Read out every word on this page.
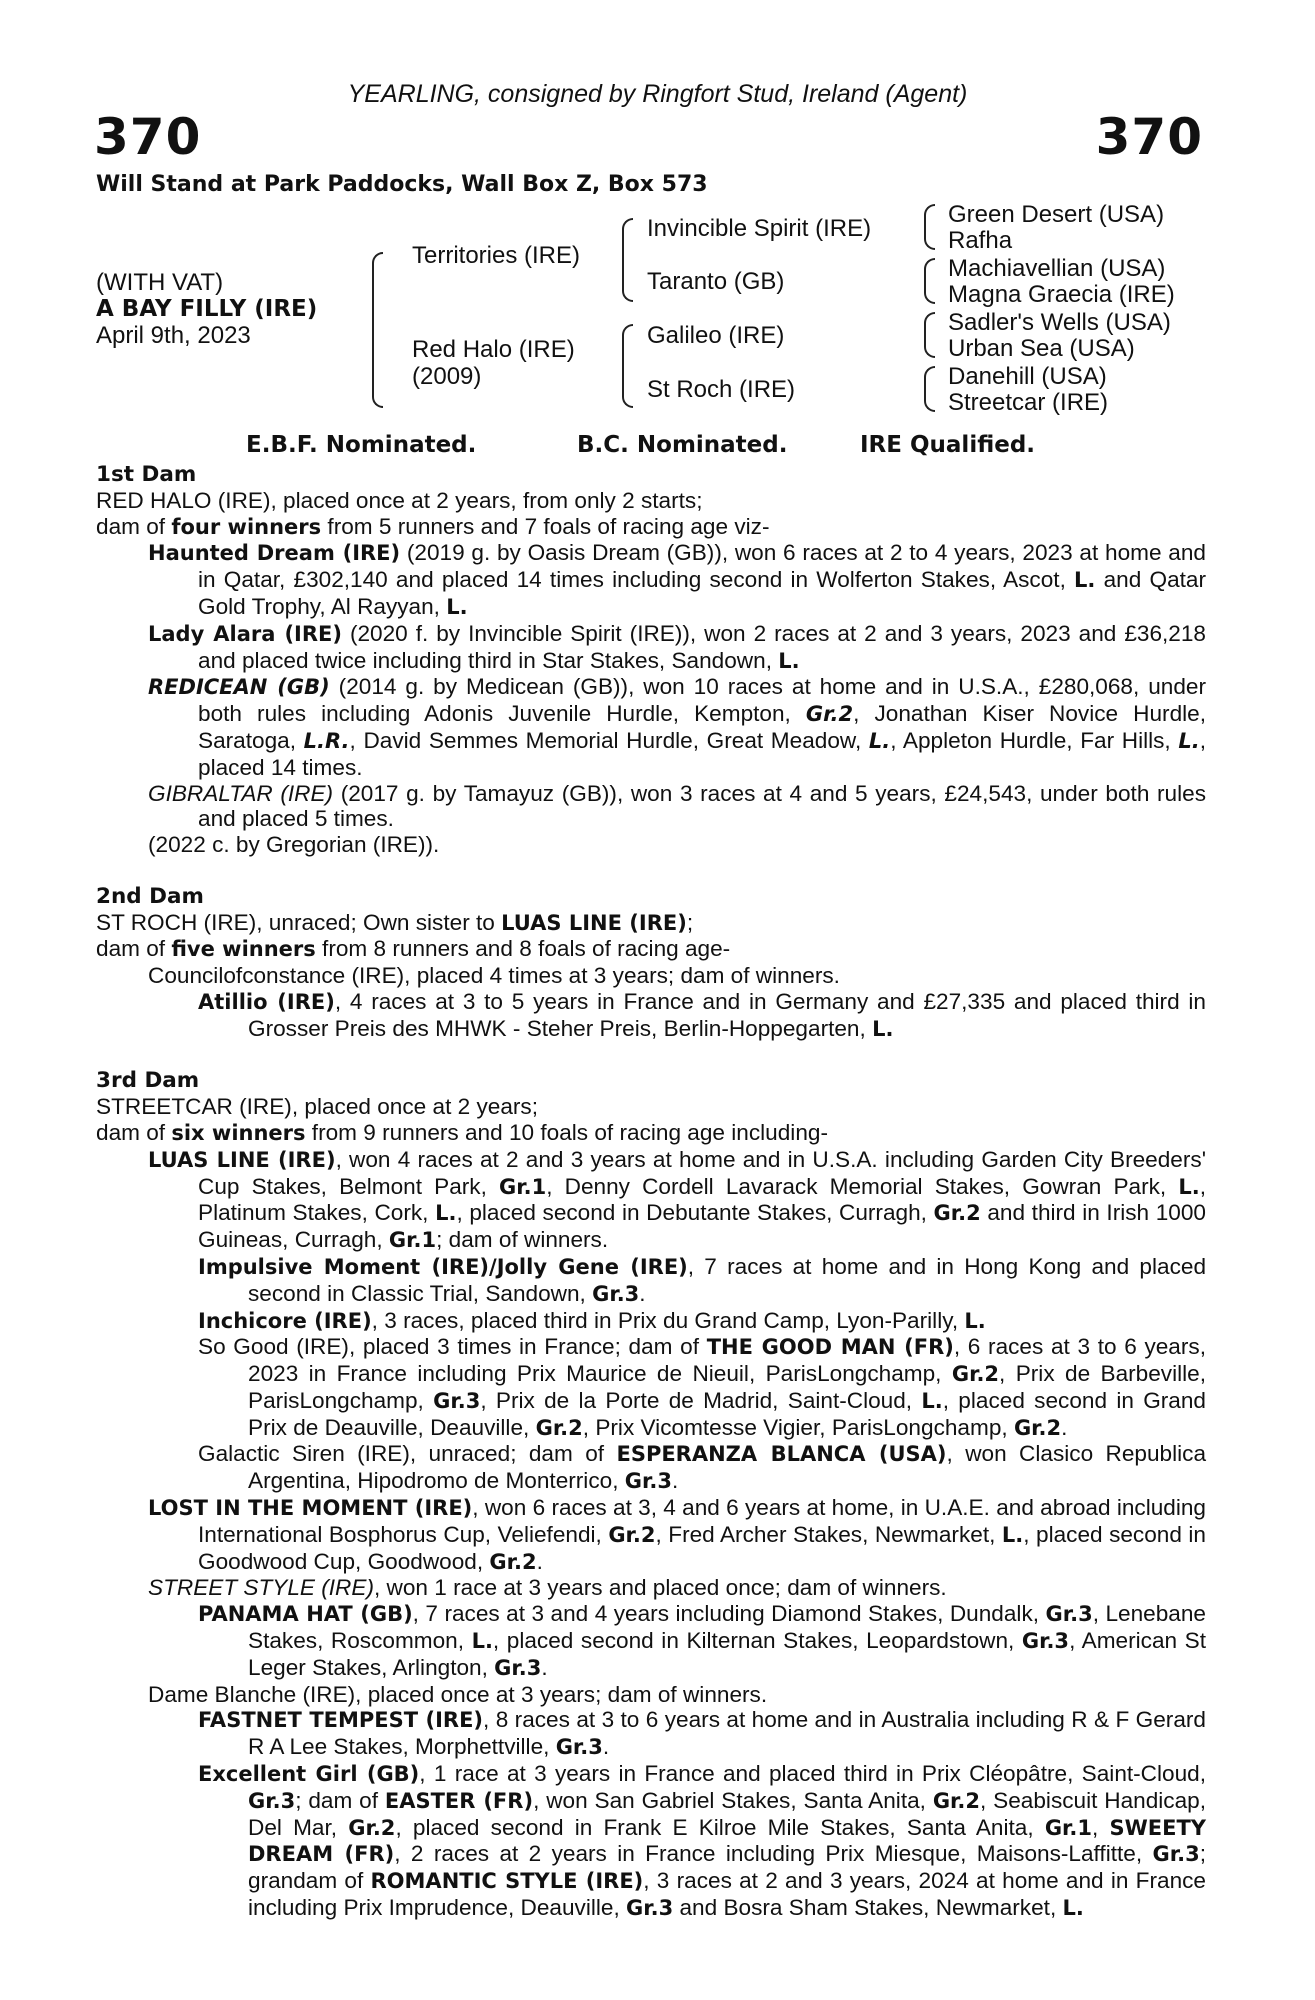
YEARLING, consigned by Ringfort Stud, Ireland (Agent)
370	370
Will Stand at Park Paddocks, Wall Box Z, Box 573
(WITH VAT)
A BAY FILLY (IRE)
April 9th, 2023
Territories (IRE)
Red Halo (IRE)
(2009)
Invincible Spirit (IRE)
Taranto (GB)
Galileo (IRE)
St Roch (IRE)
Green Desert (USA)
Rafha
Machiavellian (USA)
Magna Graecia (IRE)
Sadler's Wells (USA)
Urban Sea (USA)
Danehill (USA)
Streetcar (IRE)
E.B.F. Nominated.	B.C. Nominated.	IRE Qualified.

1st Dam

RED HALO (IRE), placed once at 2 years, from only 2 starts;

dam of four winners from 5 runners and 7 foals of racing age viz-

Haunted Dream (IRE) (2019 g. by Oasis Dream (GB)), won 6 races at 2 to 4 years, 2023 at home and in Qatar, £302,140 and placed 14 times including second in Wolferton Stakes, Ascot, L. and Qatar Gold Trophy, Al Rayyan, L.

Lady Alara (IRE) (2020 f. by Invincible Spirit (IRE)), won 2 races at 2 and 3 years, 2023 and £36,218 and placed twice including third in Star Stakes, Sandown, L.

REDICEAN (GB) (2014 g. by Medicean (GB)), won 10 races at home and in U.S.A., £280,068, under both rules including Adonis Juvenile Hurdle, Kempton, Gr.2, Jonathan Kiser Novice Hurdle, Saratoga, L.R., David Semmes Memorial Hurdle, Great Meadow, L., Appleton Hurdle, Far Hills, L., placed 14 times.

GIBRALTAR (IRE) (2017 g. by Tamayuz (GB)), won 3 races at 4 and 5 years, £24,543, under both rules and placed 5 times.

(2022 c. by Gregorian (IRE)).

2nd Dam

ST ROCH (IRE), unraced; Own sister to LUAS LINE (IRE);

dam of five winners from 8 runners and 8 foals of racing age-

Councilofconstance (IRE), placed 4 times at 3 years; dam of winners.

Atillio (IRE), 4 races at 3 to 5 years in France and in Germany and £27,335 and placed third in Grosser Preis des MHWK - Steher Preis, Berlin-Hoppegarten, L.

3rd Dam

STREETCAR (IRE), placed once at 2 years;

dam of six winners from 9 runners and 10 foals of racing age including-

LUAS LINE (IRE), won 4 races at 2 and 3 years at home and in U.S.A. including Garden City Breeders' Cup Stakes, Belmont Park, Gr.1, Denny Cordell Lavarack Memorial Stakes, Gowran Park, L., Platinum Stakes, Cork, L., placed second in Debutante Stakes, Curragh, Gr.2 and third in Irish 1000 Guineas, Curragh, Gr.1; dam of winners.

Impulsive Moment (IRE)/Jolly Gene (IRE), 7 races at home and in Hong Kong and placed second in Classic Trial, Sandown, Gr.3.

Inchicore (IRE), 3 races, placed third in Prix du Grand Camp, Lyon-Parilly, L.

So Good (IRE), placed 3 times in France; dam of THE GOOD MAN (FR), 6 races at 3 to 6 years, 2023 in France including Prix Maurice de Nieuil, ParisLongchamp, Gr.2, Prix de Barbeville, ParisLongchamp, Gr.3, Prix de la Porte de Madrid, Saint-Cloud, L., placed second in Grand Prix de Deauville, Deauville, Gr.2, Prix Vicomtesse Vigier, ParisLongchamp, Gr.2.

Galactic Siren (IRE), unraced; dam of ESPERANZA BLANCA (USA), won Clasico Republica Argentina, Hipodromo de Monterrico, Gr.3.

LOST IN THE MOMENT (IRE), won 6 races at 3, 4 and 6 years at home, in U.A.E. and abroad including International Bosphorus Cup, Veliefendi, Gr.2, Fred Archer Stakes, Newmarket, L., placed second in Goodwood Cup, Goodwood, Gr.2.

STREET STYLE (IRE), won 1 race at 3 years and placed once; dam of winners.

PANAMA HAT (GB), 7 races at 3 and 4 years including Diamond Stakes, Dundalk, Gr.3, Lenebane Stakes, Roscommon, L., placed second in Kilternan Stakes, Leopardstown, Gr.3, American St Leger Stakes, Arlington, Gr.3.

Dame Blanche (IRE), placed once at 3 years; dam of winners.

FASTNET TEMPEST (IRE), 8 races at 3 to 6 years at home and in Australia including R & F Gerard R A Lee Stakes, Morphettville, Gr.3.

Excellent Girl (GB), 1 race at 3 years in France and placed third in Prix Cléopâtre, Saint-Cloud, Gr.3; dam of EASTER (FR), won San Gabriel Stakes, Santa Anita, Gr.2, Seabiscuit Handicap, Del Mar, Gr.2, placed second in Frank E Kilroe Mile Stakes, Santa Anita, Gr.1, SWEETY DREAM (FR), 2 races at 2 years in France including Prix Miesque, Maisons-Laffitte, Gr.3; grandam of ROMANTIC STYLE (IRE), 3 races at 2 and 3 years, 2024 at home and in France including Prix Imprudence, Deauville, Gr.3 and Bosra Sham Stakes, Newmarket, L.
